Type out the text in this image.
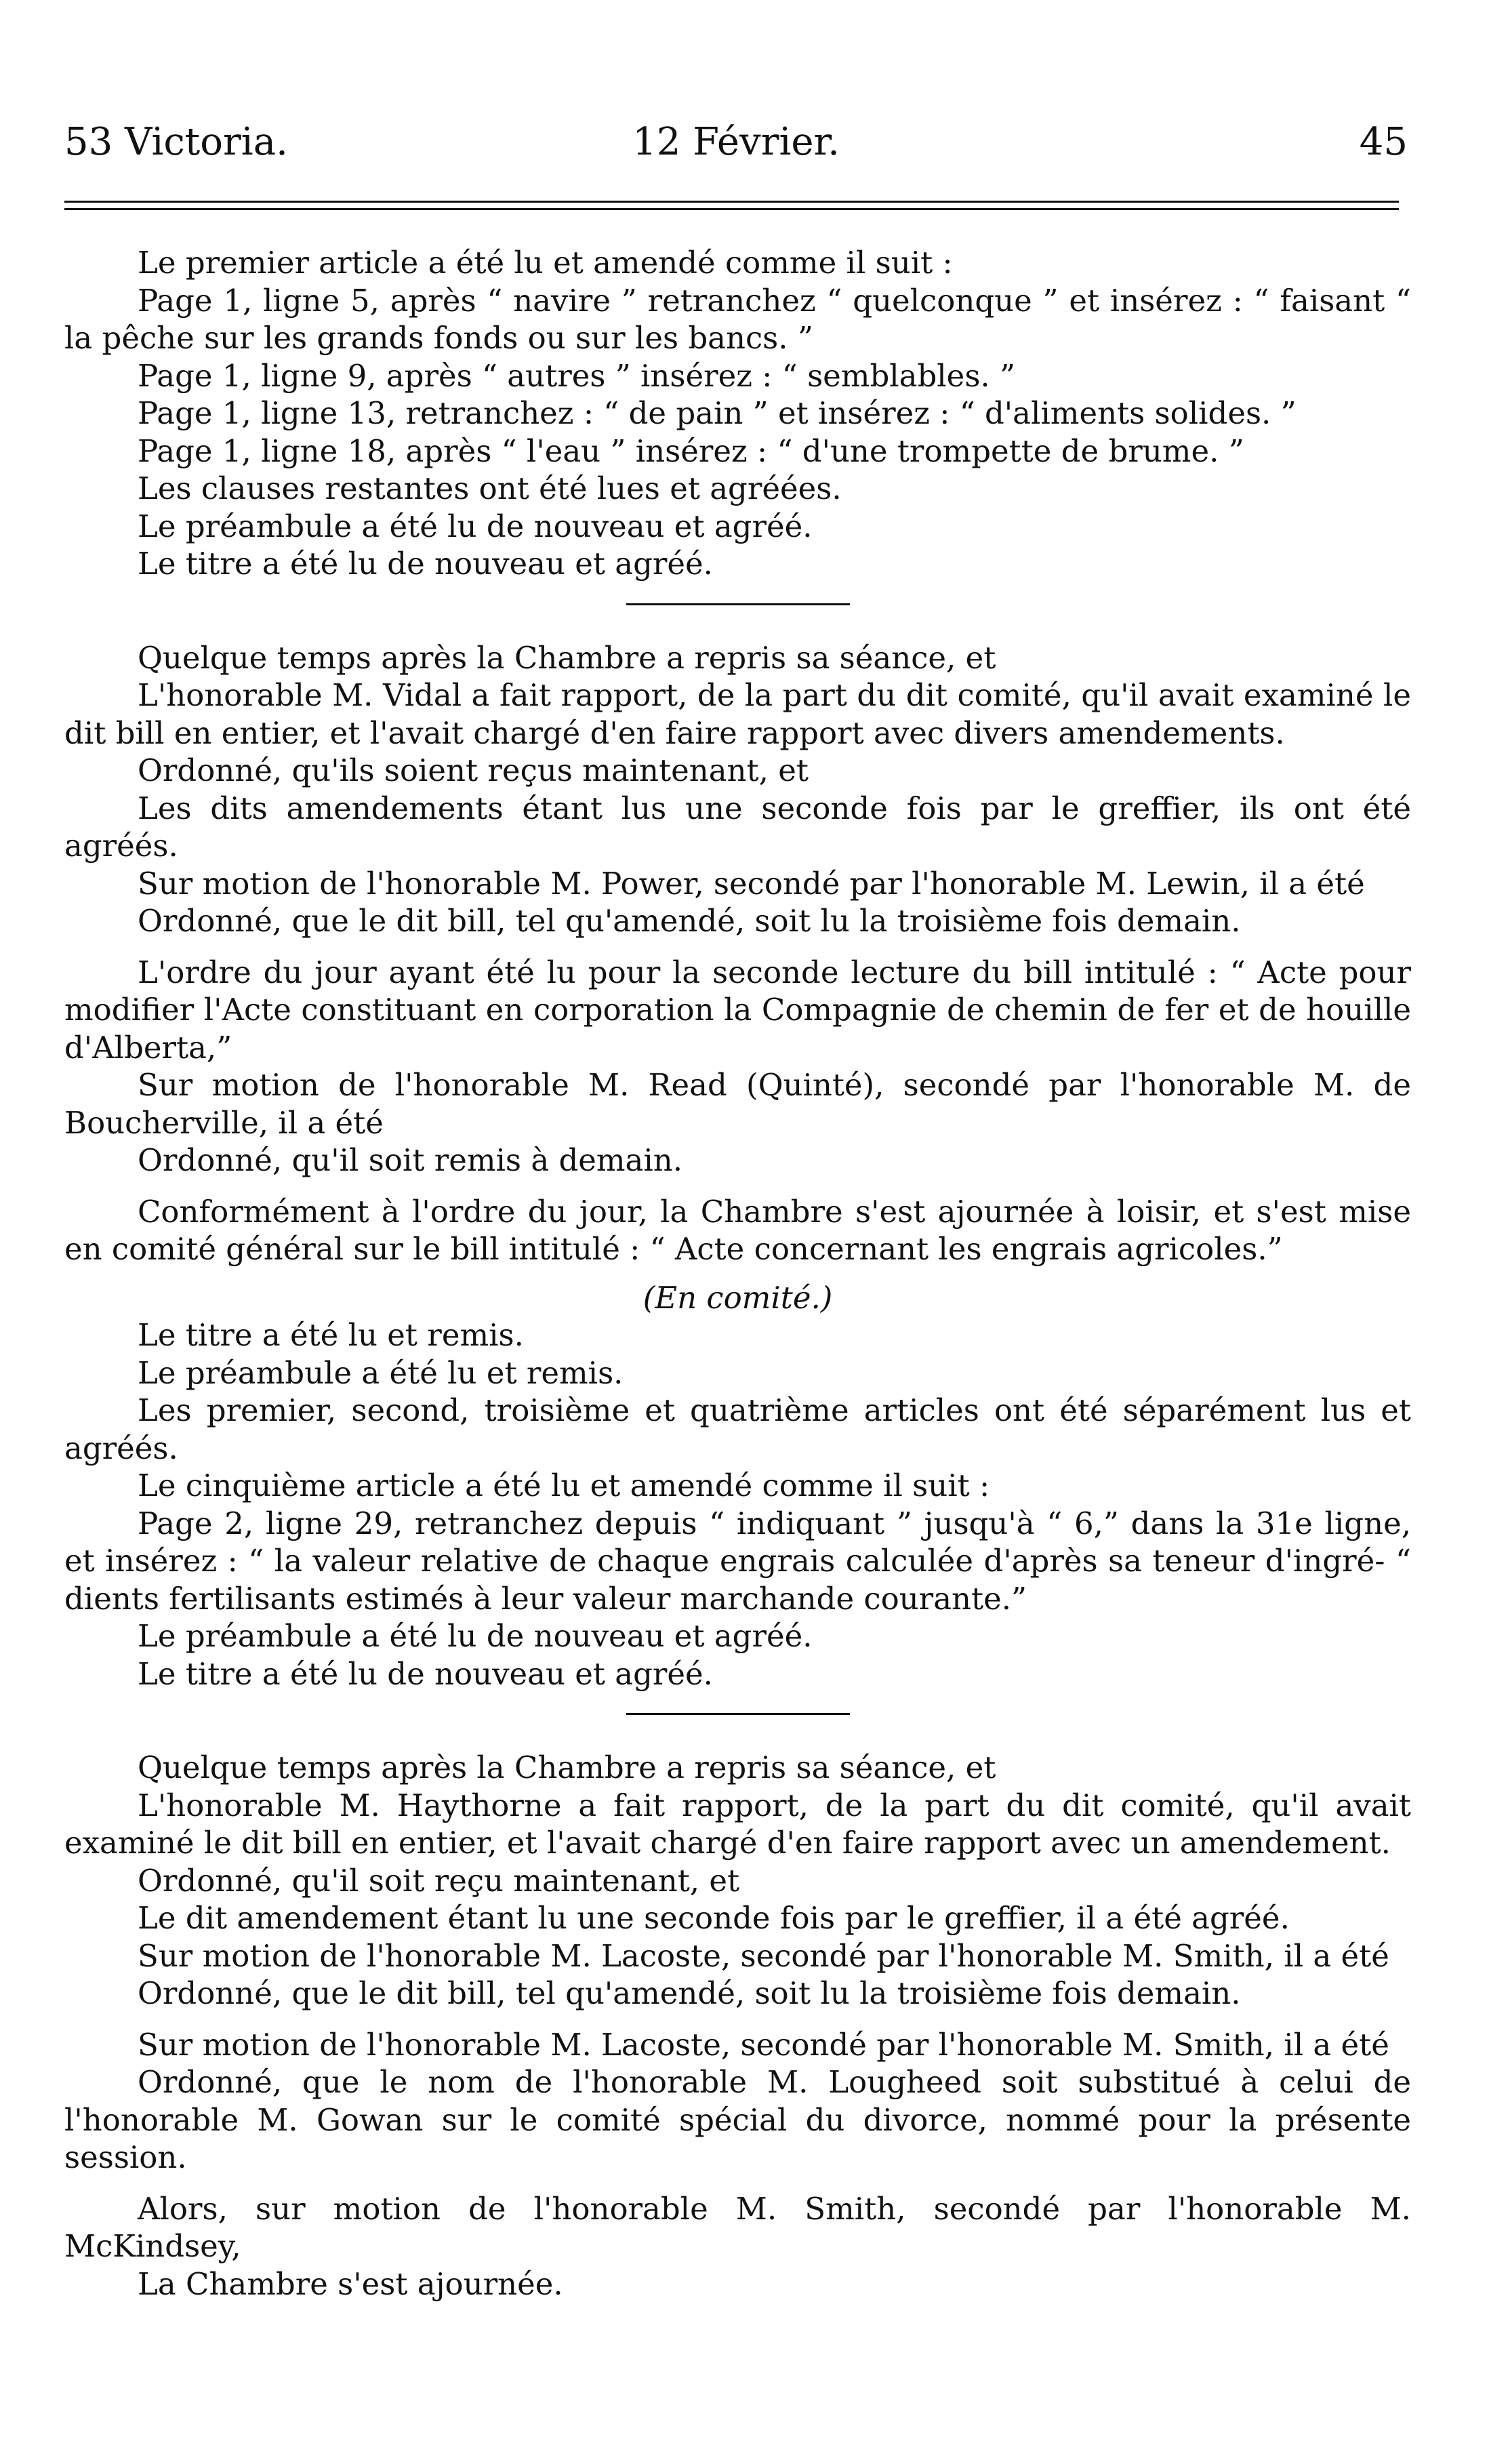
53 Victoria.	12 Février.	45

Le premier article a été lu et amendé comme il suit :

Page 1, ligne 5, après “ navire ” retranchez “ quelconque ” et insérez : “ faisant “ la pêche sur les grands fonds ou sur les bancs. ”

Page 1, ligne 9, après “ autres ” insérez : “ semblables. ”

Page 1, ligne 13, retranchez : “ de pain ” et insérez : “ d'aliments solides. ”

Page 1, ligne 18, après “ l'eau ” insérez : “ d'une trompette de brume. ”

Les clauses restantes ont été lues et agréées.

Le préambule a été lu de nouveau et agréé.

Le titre a été lu de nouveau et agréé.

Quelque temps après la Chambre a repris sa séance, et

L'honorable M. Vidal a fait rapport, de la part du dit comité, qu'il avait examiné le dit bill en entier, et l'avait chargé d'en faire rapport avec divers amendements.

Ordonné, qu'ils soient reçus maintenant, et

Les dits amendements étant lus une seconde fois par le greffier, ils ont été agréés.

Sur motion de l'honorable M. Power, secondé par l'honorable M. Lewin, il a été

Ordonné, que le dit bill, tel qu'amendé, soit lu la troisième fois demain.

L'ordre du jour ayant été lu pour la seconde lecture du bill intitulé : “ Acte pour modifier l'Acte constituant en corporation la Compagnie de chemin de fer et de houille d'Alberta,”

Sur motion de l'honorable M. Read (Quinté), secondé par l'honorable M. de Boucherville, il a été

Ordonné, qu'il soit remis à demain.

Conformément à l'ordre du jour, la Chambre s'est ajournée à loisir, et s'est mise en comité général sur le bill intitulé : “ Acte concernant les engrais agricoles.”

(En comité.)

Le titre a été lu et remis.

Le préambule a été lu et remis.

Les premier, second, troisième et quatrième articles ont été séparément lus et agréés.

Le cinquième article a été lu et amendé comme il suit :

Page 2, ligne 29, retranchez depuis “ indiquant ” jusqu'à “ 6,” dans la 31e ligne, et insérez : “ la valeur relative de chaque engrais calculée d'après sa teneur d'ingré- “ dients fertilisants estimés à leur valeur marchande courante.”

Le préambule a été lu de nouveau et agréé.

Le titre a été lu de nouveau et agréé.

Quelque temps après la Chambre a repris sa séance, et

L'honorable M. Haythorne a fait rapport, de la part du dit comité, qu'il avait examiné le dit bill en entier, et l'avait chargé d'en faire rapport avec un amendement.

Ordonné, qu'il soit reçu maintenant, et

Le dit amendement étant lu une seconde fois par le greffier, il a été agréé.

Sur motion de l'honorable M. Lacoste, secondé par l'honorable M. Smith, il a été

Ordonné, que le dit bill, tel qu'amendé, soit lu la troisième fois demain.

Sur motion de l'honorable M. Lacoste, secondé par l'honorable M. Smith, il a été

Ordonné, que le nom de l'honorable M. Lougheed soit substitué à celui de l'honorable M. Gowan sur le comité spécial du divorce, nommé pour la présente session.

Alors, sur motion de l'honorable M. Smith, secondé par l'honorable M. McKindsey,

La Chambre s'est ajournée.
